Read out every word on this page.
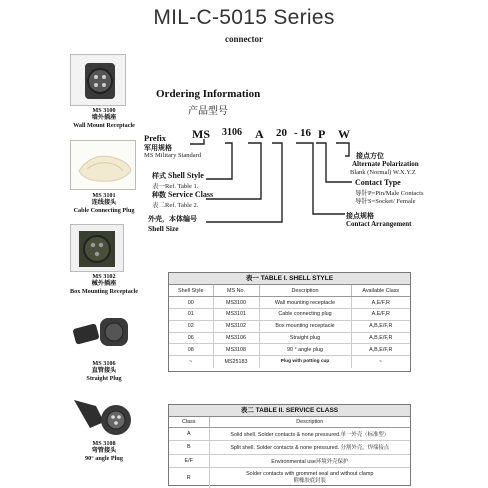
MIL-C-5015 Series
connector
MS 3100
墙外插座
Wall Mount Receptacle
MS 3101
连线接头
Cable Connecting Plug
MS 3102
械外插座
Box Mounting Receptacle
MS 3106
直管接头
Straight Plug
MS 3108
弯管接头
90° angle Plug
Ordering Information
产品型号
MS 3106 A 20 - 16 P W
Prefix
军用规格
MS Military Standard
样式 Shell Style
表一Ref. Table 1.
种数 Service Class
表二Ref. Table 2.
外壳，本体编号
Shell Size
接点方位
Alternate Polarization
Blank (Normal) W.X.Y.Z
Contact Type
导针P=Pin/Male Contacts
导针S=Socket/ Female
接点规格
Contact Arrangement
表一 TABLE I. SHELL STYLE
Shell Style	MS No.	Description	Available Class
00	MS3100	Wall mounting receptacle	A,E/F,R
01	MS3101	Cable connecting plug	A,E/F,R
02	MS3102	Box mounting receptacle	A,B,E/F,R
06	MS3106	Straight plug	A,B,E/F,R
08	MS3108	90 ° angle plug	A,B,E/F,R
~	MS25183	Plug with potting cup	~
表二 TABLE II. SERVICE CLASS
Class	Description
A	Solid shell. Solder contacts & none pressured.单一外壳（标准型）
B	Split shell. Solder contacts & none pressured. 分割外壳，焊端接点
E/F	Environmental use环境外壳保护
R	Solder contacts with grommet seal and without clamp
附橡胶底封装
